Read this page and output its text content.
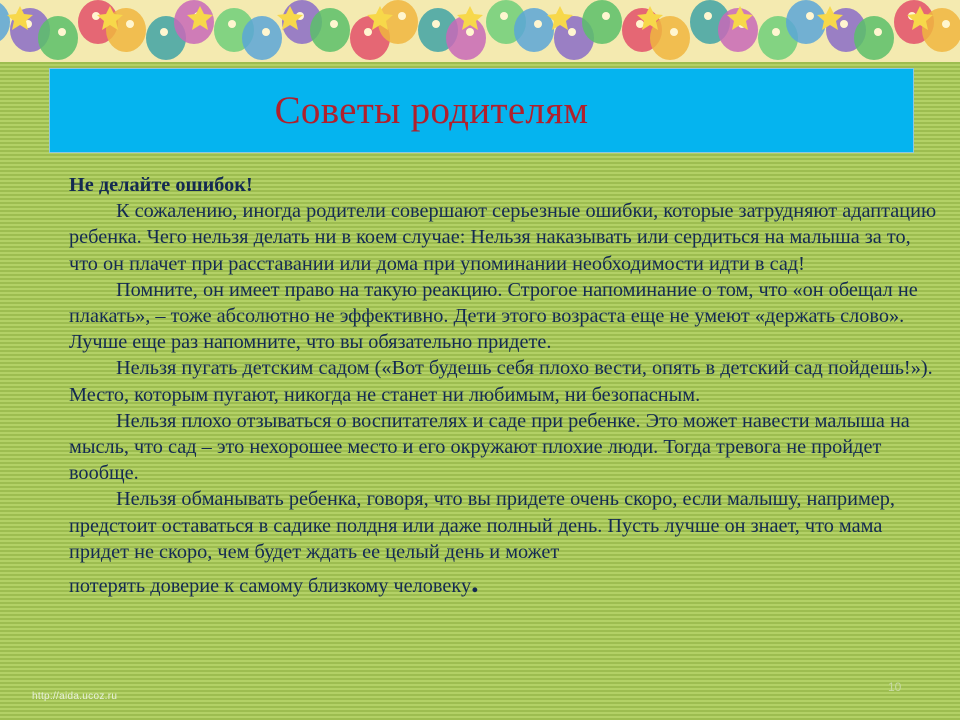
Советы родителям
Не делайте ошибок!

К сожалению, иногда родители совершают серьезные ошибки, которые затрудняют адаптацию ребенка. Чего нельзя делать ни в коем случае: Нельзя наказывать или сердиться на малыша за то, что он плачет при расставании или дома при упоминании необходимости идти в сад!

Помните, он имеет право на такую реакцию. Строгое напоминание о том, что «он обещал не плакать», – тоже абсолютно не эффективно. Дети этого возраста еще не умеют «держать слово». Лучше еще раз напомните, что вы обязательно придете.

Нельзя пугать детским садом («Вот будешь себя плохо вести, опять в детский сад пойдешь!»). Место, которым пугают, никогда не станет ни любимым, ни безопасным.

Нельзя плохо отзываться о воспитателях и саде при ребенке. Это может навести малыша на мысль, что сад – это нехорошее место и его окружают плохие люди. Тогда тревога не пройдет вообще.

Нельзя обманывать ребенка, говоря, что вы придете очень скоро, если малышу, например, предстоит оставаться в садике полдня или даже полный день. Пусть лучше он знает, что мама придет не скоро, чем будет ждать ее целый день и может

потерять доверие к самому близкому человеку.

http://aida.ucoz.ru
10
